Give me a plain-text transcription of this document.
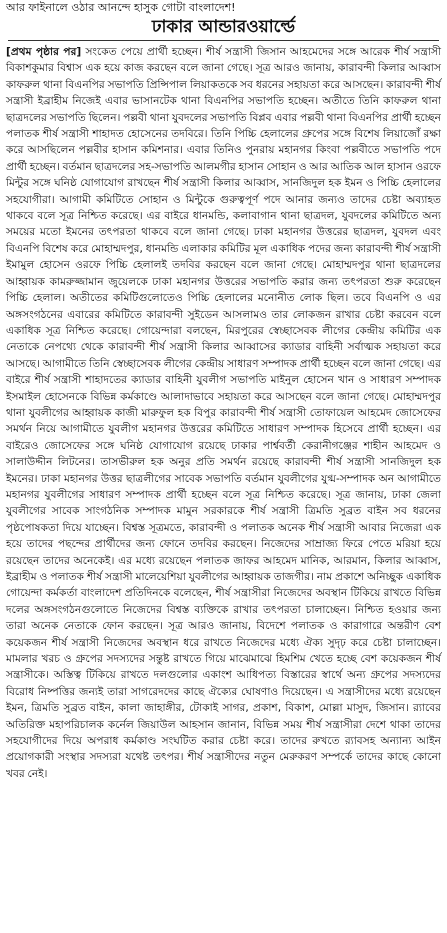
আর ফাইনালে ওঠার আনন্দে হাসুক গোটা বাংলাদেশ!
ঢাকার আন্ডারওয়ার্ল্ডে

[প্রথম পৃষ্ঠার পর] সংকেত পেয়ে প্রার্থী হচ্ছেন। শীর্ষ সন্ত্রাসী জিসান আহমেদের সঙ্গে আরেক শীর্ষ সন্ত্রাসী বিকাশকুমার বিশ্বাস এক হয়ে কাজ করছেন বলে জানা গেছে। সূত্র আরও জানায়, কারাবন্দী কিলার আব্বাস কাফরুল থানা বিএনপির সভাপতি প্রিন্সিপাল লিয়াকতকে সব ধরনের সহায়তা করে আসছেন। কারাবন্দী শীর্ষ সন্ত্রাসী ইব্রাহীম নিজেই এবার ভাসানটেক থানা বিএনপির সভাপতি হচ্ছেন। অতীতে তিনি কাফরুল থানা ছাত্রদলের সভাপতি ছিলেন। পল্লবী থানা যুবদলের সভাপতি বিপ্লব এবার পল্লবী থানা বিএনপির প্রার্থী হচ্ছেন পলাতক শীর্ষ সন্ত্রাসী শাহাদত হোসেনের তদবিরে। তিনি পিচ্চি হেলালের গ্রুপের সঙ্গে বিশেষ লিয়াজোঁ রক্ষা করে আসছিলেন পল্লবীর হাসান কমিশনার। এবার তিনিও পুনরায় মহানগর কিংবা পল্লবীতে সভাপতি পদে প্রার্থী হচ্ছেন। বর্তমান ছাত্রদলের সহ-সভাপতি আলমগীর হাসান সোহান ও আর আতিক আল হাসান ওরফে মিন্টুর সঙ্গে ঘনিষ্ঠ যোগাযোগ রাখছেন শীর্ষ সন্ত্রাসী কিলার আব্বাস, সানজিদুল হক ইমন ও পিচ্চি হেলালের সহযোগীরা। আগামী কমিটিতে সোহান ও মিন্টুকে গুরুত্বপূর্ণ পদে আনার জন্যও তাদের চেষ্টা অব্যাহত থাকবে বলে সূত্র নিশ্চিত করেছে। এর বাইরে ধানমন্ডি, কলাবাগান থানা ছাত্রদল, যুবদলের কমিটিতে অন্য সময়ের মতো ইমনের তৎপরতা থাকবে বলে জানা গেছে। ঢাকা মহানগর উত্তরের ছাত্রদল, যুবদল এবং বিএনপি বিশেষ করে মোহাম্মদপুর, ধানমন্ডি এলাকার কমিটির মূল একাধিক পদের জন্য কারাবন্দী শীর্ষ সন্ত্রাসী ইমামুল হোসেন ওরফে পিচ্চি হেলালই তদবির করছেন বলে জানা গেছে। মোহাম্মদপুর থানা ছাত্রদলের আহ্বায়ক কামরুজ্জামান জুয়েলকে ঢাকা মহানগর উত্তরের সভাপতি করার জন্য তৎপরতা শুরু করেছেন পিচ্চি হেলাল। অতীতের কমিটিগুলোতেও পিচ্চি হেলালের মনোনীত লোক ছিল। তবে বিএনপি ও এর অঙ্গসংগঠনের এবারের কমিটিতে কারাবন্দী সুইডেন আসলামও তার লোকজন রাখার চেষ্টা করবেন বলে একাধিক সূত্র নিশ্চিত করেছে। গোয়েন্দারা বলছেন, মিরপুরের স্বেচ্ছাসেবক লীগের কেন্দ্রীয় কমিটির এক নেতাকে নেপথ্যে থেকে কারাবন্দী শীর্ষ সন্ত্রাসী কিলার আব্বাসের ক্যাডার বাহিনী সর্বাত্মক সহায়তা করে আসছে। আগামীতে তিনি স্বেচ্ছাসেবক লীগের কেন্দ্রীয় সাধারণ সম্পাদক প্রার্থী হচ্ছেন বলে জানা গেছে। এর বাইরে শীর্ষ সন্ত্রাসী শাহাদতের ক্যাডার বাহিনী যুবলীগ সভাপতি মাইনুল হোসেন খান ও সাধারণ সম্পাদক ইসমাইল হোসেনকে বিভিন্ন কর্মকাণ্ডে আলাদাভাবে সহায়তা করে আসছেন বলে জানা গেছে। মোহাম্মদপুর থানা যুবলীগের আহ্বায়ক কাজী মারুফুল হক বিপুর কারাবন্দী শীর্ষ সন্ত্রাসী তোফায়েল আহমেদ জোসেফের সমর্থন নিয়ে আগামীতে যুবলীগ মহানগর উত্তরের কমিটিতে সাধারণ সম্পাদক হিসেবে প্রার্থী হচ্ছেন। এর বাইরেও জোসেফের সঙ্গে ঘনিষ্ঠ যোগাযোগ রয়েছে ঢাকার পার্শ্ববর্তী কেরানীগঞ্জের শাহীন আহমেদ ও সালাউদ্দীন লিটনের। তাসভীরুল হক অনুর প্রতি সমর্থন রয়েছে কারাবন্দী শীর্ষ সন্ত্রাসী সানজিদুল হক ইমনের। ঢাকা মহানগর উত্তর ছাত্রলীগের সাবেক সভাপতি বর্তমান যুবলীগের যুগ্ম-সম্পাদক অন আগামীতে মহানগর যুবলীগের সাধারণ সম্পাদক প্রার্থী হচ্ছেন বলে সূত্র নিশ্চিত করেছে। সূত্র জানায়, ঢাকা জেলা যুবলীগের সাবেক সাংগঠনিক সম্পাদক মামুন সরকারকে শীর্ষ সন্ত্রাসী ত্রিমতি সুব্রত বাইন সব ধরনের পৃষ্ঠপোষকতা দিয়ে যাচ্ছেন। বিশ্বস্ত সূত্রমতে, কারাবন্দী ও পলাতক অনেক শীর্ষ সন্ত্রাসী আবার নিজেরা এক হয়ে তাদের পছন্দের প্রার্থীদের জন্য ফোনে তদবির করছেন। নিজেদের সাম্রাজ্য ফিরে পেতে মরিয়া হয়ে রয়েছেন তাদের অনেকেই। এর মধ্যে রয়েছেন পলাতক জাফর আহমেদ মানিক, আরমান, কিলার আব্বাস, ইব্রাহীম ও পলাতক শীর্ষ সন্ত্রাসী মালেয়েশিয়া যুবলীগের আহ্বায়ক তাজগীর। নাম প্রকাশে অনিচ্ছুক একাধিক গোয়েন্দা কর্মকর্তা বাংলাদেশ প্রতিদিনকে বলেছেন, শীর্ষ সন্ত্রাসীরা নিজেদের অবস্থান টিকিয়ে রাখতে বিভিন্ন দলের অঙ্গসংগঠনগুলোতে নিজেদের বিশ্বস্ত ব্যক্তিকে রাখার তৎপরতা চালাচ্ছেন। নিশ্চিত হওয়ার জন্য তারা অনেক নেতাকে ফোন করছেন। সূত্র আরও জানায়, বিদেশে পলাতক ও কারাগারে অন্তরীণ বেশ কয়েকজন শীর্ষ সন্ত্রাসী নিজেদের অবস্থান ধরে রাখতে নিজেদের মধ্যে ঐক্য সুদৃঢ় করে চেষ্টা চালাচ্ছেন। মামলার খরচ ও গ্রুপের সদস্যদের সন্তুষ্ট রাখতে গিয়ে মাঝেমাঝে হিমশিম খেতে হচ্ছে বেশ কয়েকজন শীর্ষ সন্ত্রাসীকে। অস্তিত্ব টিকিয়ে রাখতে দলগুলোর একাংশ আধিপত্য বিস্তারের স্বার্থে অন্য গ্রুপের সদস্যদের বিরোধ নিষ্পত্তির জন্যই তারা সাগরেদদের কাছে ঐক্যের ঘোষণাও দিয়েছেন। এ সন্ত্রাসীদের মধ্যে রয়েছেন ইমন, ত্রিমতি সুব্রত বাইন, কালা জাহাঙ্গীর, টোকাই সাগর, প্রকাশ, বিকাশ, মোল্লা মাসুদ, জিসান। র‍্যাবের অতিরিক্ত মহাপরিচালক কর্নেল জিয়াউল আহসান জানান, বিভিন্ন সময় শীর্ষ সন্ত্রাসীরা দেশে থাকা তাদের সহযোগীদের দিয়ে অপরাধ কর্মকাণ্ড সংঘটিত করার চেষ্টা করে। তাদের রুখতে র‍্যাবসহ অন্যান্য আইন প্রয়োগকারী সংস্থার সদস্যরা যথেষ্ট তৎপর। শীর্ষ সন্ত্রাসীদের নতুন মেরুকরণ সম্পর্কে তাদের কাছে কোনো খবর নেই।
